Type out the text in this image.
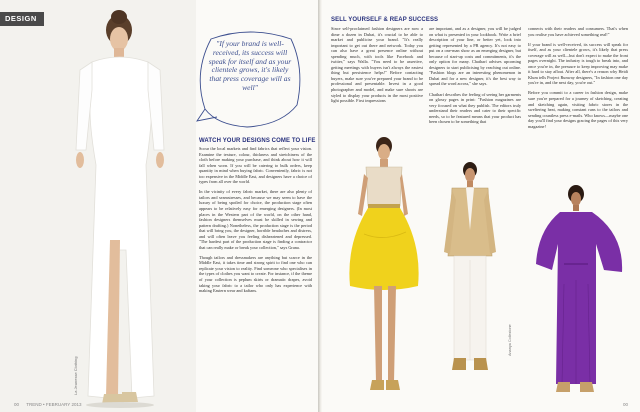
DESIGN
La Jeunesse Clothing
"If your brand is well-received, its success will speak for itself and as your clientele grows, it's likely that press coverage will as well"
WATCH YOUR DESIGNS COME TO LIFE

Scour the local markets and find fabrics that reflect your vision. Examine the texture, colour, thickness and stretchiness of the cloth before making your purchase, and think about how it will fall when worn. If you will be catering to bulk orders, keep quantity in mind when buying fabric. Conveniently, fabric is not too expensive in the Middle East, and designers have a choice of types from all over the world.

In the vicinity of every fabric market, there are also plenty of tailors and seamstresses, and because we may seem to have the luxury of being spoiled for choice, the production stage often appears to be relatively easy for emerging designers. (In most places in the Western part of the world, on the other hand, fashion designers themselves must be skilled in sewing and pattern drafting.) Nonetheless, the production stage is the period that will bring you, the designer, horrible headaches and distress, and will often leave you feeling disheartened and depressed. "The hardest part of the production stage is finding a contractor that can really make or break your collection," says Grana.

Though tailors and dressmakers are anything but scarce in the Middle East, it takes time and strong spirit to find one who can replicate your vision to reality. Find someone who specialises in the types of clothes you want to create. For instance, if the theme of your collection is peplum skirts or dramatic drapes, avoid taking your fabric to a tailor who only has experience with making Eastern wear and kaftans.

00 TREND • FEBRUARY 2013
SELL YOURSELF & REAP SUCCESS

Since self-proclaimed fashion designers are now a dime a dozen in Dubai, it's crucial to be able to market and publicise your brand. "It's really important to get out there and network. Today you can also have a great presence online without spending much, with tools like Facebook and twitter," says Walla. "You need to be assertive, getting meetings with buyers isn't always the easiest thing but persistence helps!" Before contacting buyers, make sure you've prepared your brand to be professional and presentable. Invest in a good photographer and model, and make sure shoots are styled to display your products in the most positive light possible. First impressions

are important, and as a designer, you will be judged on what is presented in your lookbook. Write a brief description of your line, or better yet, look into getting represented by a PR agency. It's not easy to put on a one-man show as an emerging designer, but because of start-up costs and commitments, it's the only option for many. Chatharí advises upcoming designers to start publicising by reaching out online. "Fashion blogs are an interesting phenomenon in Dubai and for a new designer, it's the best way to spread the word across," she says.

Chatharí describes the feeling of seeing her garments on glossy pages in print: "Fashion magazines are very focused on what they publish. The editors truly understand their readers and cater to their specific needs, so to be featured means that your product has been chosen to be something that

connects with their readers and consumers. That's when you realise you have achieved something real!"

If your brand is well-received, its success will speak for itself, and as your clientele grows, it's likely that press coverage will as well—but don't expect to make the front pages overnight. The industry is tough to break into, and once you're in, the pressure to keep improving may make it hard to stay afloat. After all, there's a reason why Heidi Klum tells Project Runway designers, "In fashion one day you're in, and the next day, you're out."

Before you commit to a career in fashion design, make sure you're prepared for a journey of sketching, creating and sketching again, visiting fabric stores in the sweltering heat, making constant runs to the tailors and sending countless press e-mails. Who knows—maybe one day you'll find your designs gracing the pages of this very magazine!

Ananya Collezione
00
